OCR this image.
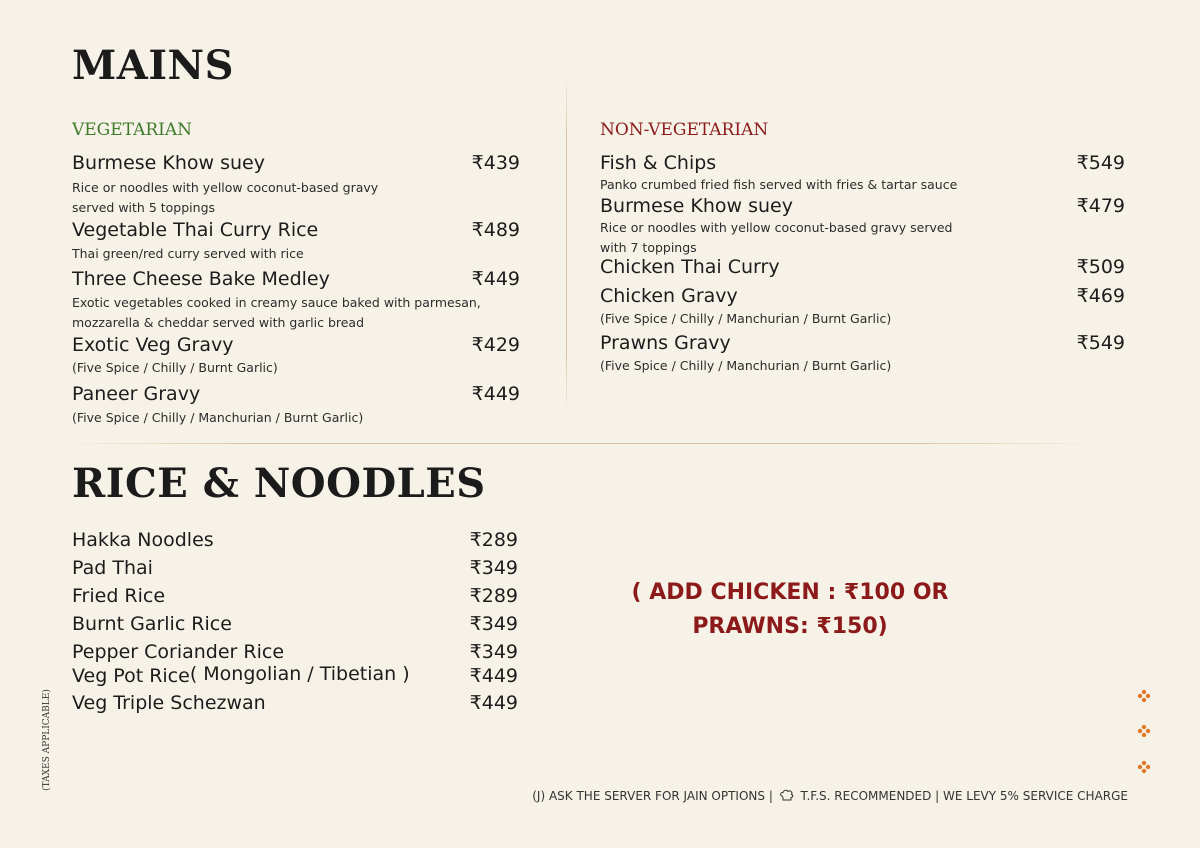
MAINS
VEGETARIAN	NON-VEGETARIAN
Burmese Khow suey	₹439
Rice or noodles with yellow coconut-based gravy
served with 5 toppings
Vegetable Thai Curry Rice	₹489
Thai green/red curry served with rice
Three Cheese Bake Medley	₹449
Exotic vegetables cooked in creamy sauce baked with parmesan,
mozzarella & cheddar served with garlic bread
Exotic Veg Gravy	₹429
(Five Spice / Chilly / Burnt Garlic)
Paneer Gravy	₹449
(Five Spice / Chilly / Manchurian / Burnt Garlic)
Fish & Chips	₹549
Panko crumbed fried fish served with fries & tartar sauce
Burmese Khow suey	₹479
Rice or noodles with yellow coconut-based gravy served
with 7 toppings
Chicken Thai Curry	₹509
Chicken Gravy	₹469
(Five Spice / Chilly / Manchurian / Burnt Garlic)
Prawns Gravy	₹549
(Five Spice / Chilly / Manchurian / Burnt Garlic)
RICE & NOODLES
Hakka Noodles	₹289
Pad Thai	₹349
Fried Rice	₹289
Burnt Garlic Rice	₹349
Pepper Coriander Rice	₹349
Veg Pot Rice( Mongolian / Tibetian )	₹449
Veg Triple Schezwan	₹449
( ADD CHICKEN : ₹100 OR
PRAWNS: ₹150)
(TAXES APPLICABLE)
(J) ASK THE SERVER FOR JAIN OPTIONS | T.F.S. RECOMMENDED | WE LEVY 5% SERVICE CHARGE
